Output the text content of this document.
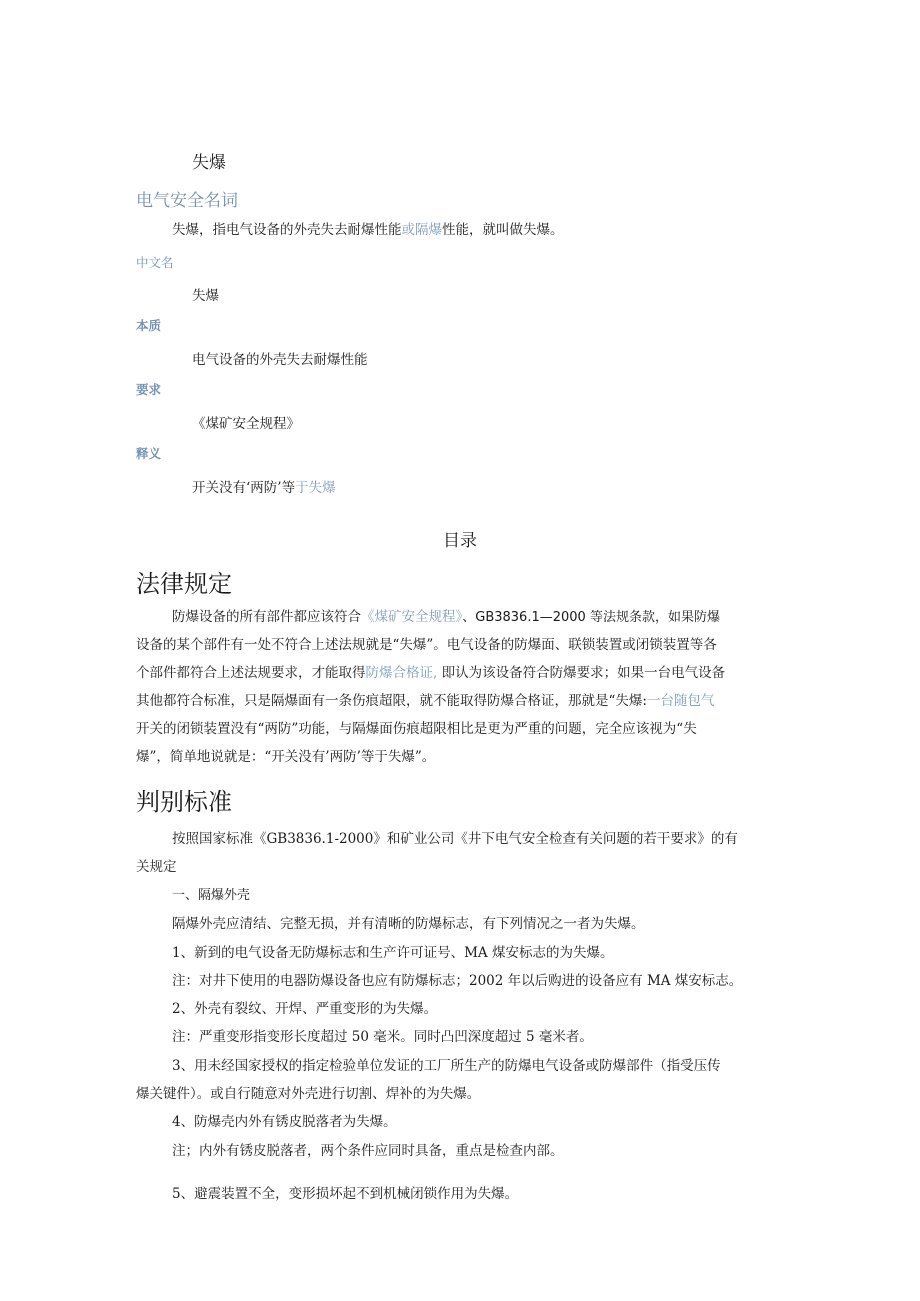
失爆
电气安全名词
失爆，指电气设备的外壳失去耐爆性能或隔爆性能，就叫做失爆。
中文名
失爆
本质
电气设备的外壳失去耐爆性能
要求
《煤矿安全规程》
释义
开关没有‘两防’等于失爆
目录
法律规定
防爆设备的所有部件都应该符合《煤矿安全规程》、GB3836.1—2000 等法规条款，如果防爆
设备的某个部件有一处不符合上述法规就是“失爆”。电气设备的防爆面、联锁装置或闭锁装置等各
个部件都符合上述法规要求，才能取得防爆合格证, 即认为该设备符合防爆要求；如果一台电气设备
其他都符合标准，只是隔爆面有一条伤痕超限，就不能取得防爆合格证，那就是“失爆:一台随包气
开关的闭锁装置没有“两防”功能，与隔爆面伤痕超限相比是更为严重的问题，完全应该视为“失
爆”，简单地说就是：“开关没有’两防’等于失爆”。
判别标准
按照国家标准《GB3836.1-2000》和矿业公司《井下电气安全检查有关问题的若干要求》的有
关规定
一、隔爆外壳
隔爆外壳应清结、完整无损，并有清晰的防爆标志，有下列情况之一者为失爆。
1、新到的电气设备无防爆标志和生产许可证号、MA 煤安标志的为失爆。
注：对井下使用的电器防爆设备也应有防爆标志；2002 年以后购进的设备应有 MA 煤安标志。
2、外壳有裂纹、开焊、严重变形的为失爆。
注：严重变形指变形长度超过 50 毫米。同时凸凹深度超过 5 毫米者。
3、用未经国家授权的指定检验单位发证的工厂所生产的防爆电气设备或防爆部件（指受压传
爆关键件）。或自行随意对外壳进行切割、焊补的为失爆。
4、防爆壳内外有锈皮脱落者为失爆。
注；内外有锈皮脱落者，两个条件应同时具备，重点是检查内部。
5、避震装置不全，变形损坏起不到机械闭锁作用为失爆。
